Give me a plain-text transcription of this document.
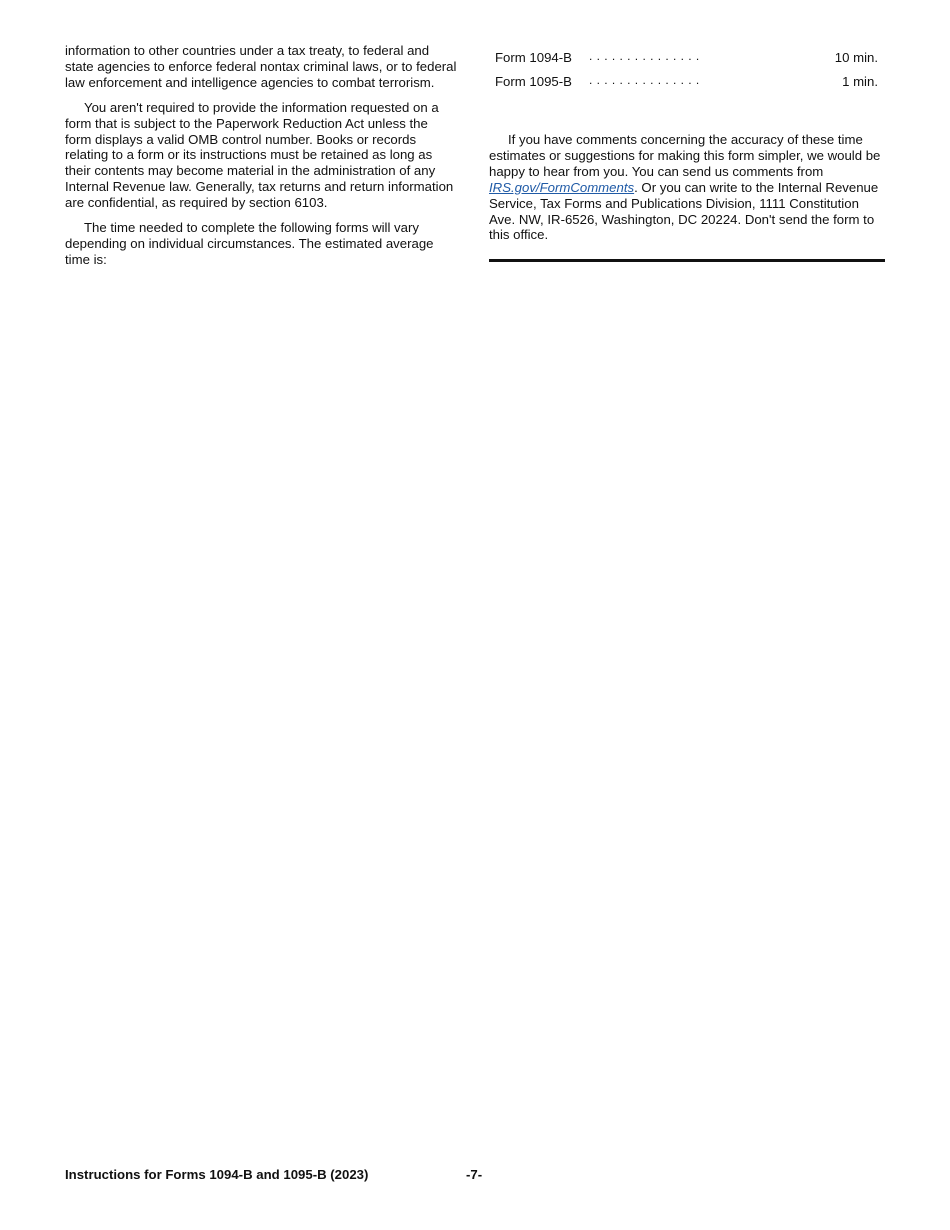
information to other countries under a tax treaty, to federal and state agencies to enforce federal nontax criminal laws, or to federal law enforcement and intelligence agencies to combat terrorism.

You aren't required to provide the information requested on a form that is subject to the Paperwork Reduction Act unless the form displays a valid OMB control number. Books or records relating to a form or its instructions must be retained as long as their contents may become material in the administration of any Internal Revenue law. Generally, tax returns and return information are confidential, as required by section 6103.

The time needed to complete the following forms will vary depending on individual circumstances. The estimated average time is:

Form 1094-B ...............	10 min.
Form 1095-B ...............	1 min.

If you have comments concerning the accuracy of these time estimates or suggestions for making this form simpler, we would be happy to hear from you. You can send us comments from IRS.gov/FormComments. Or you can write to the Internal Revenue Service, Tax Forms and Publications Division, 1111 Constitution Ave. NW, IR-6526, Washington, DC 20224. Don't send the form to this office.

Instructions for Forms 1094-B and 1095-B (2023)	-7-
